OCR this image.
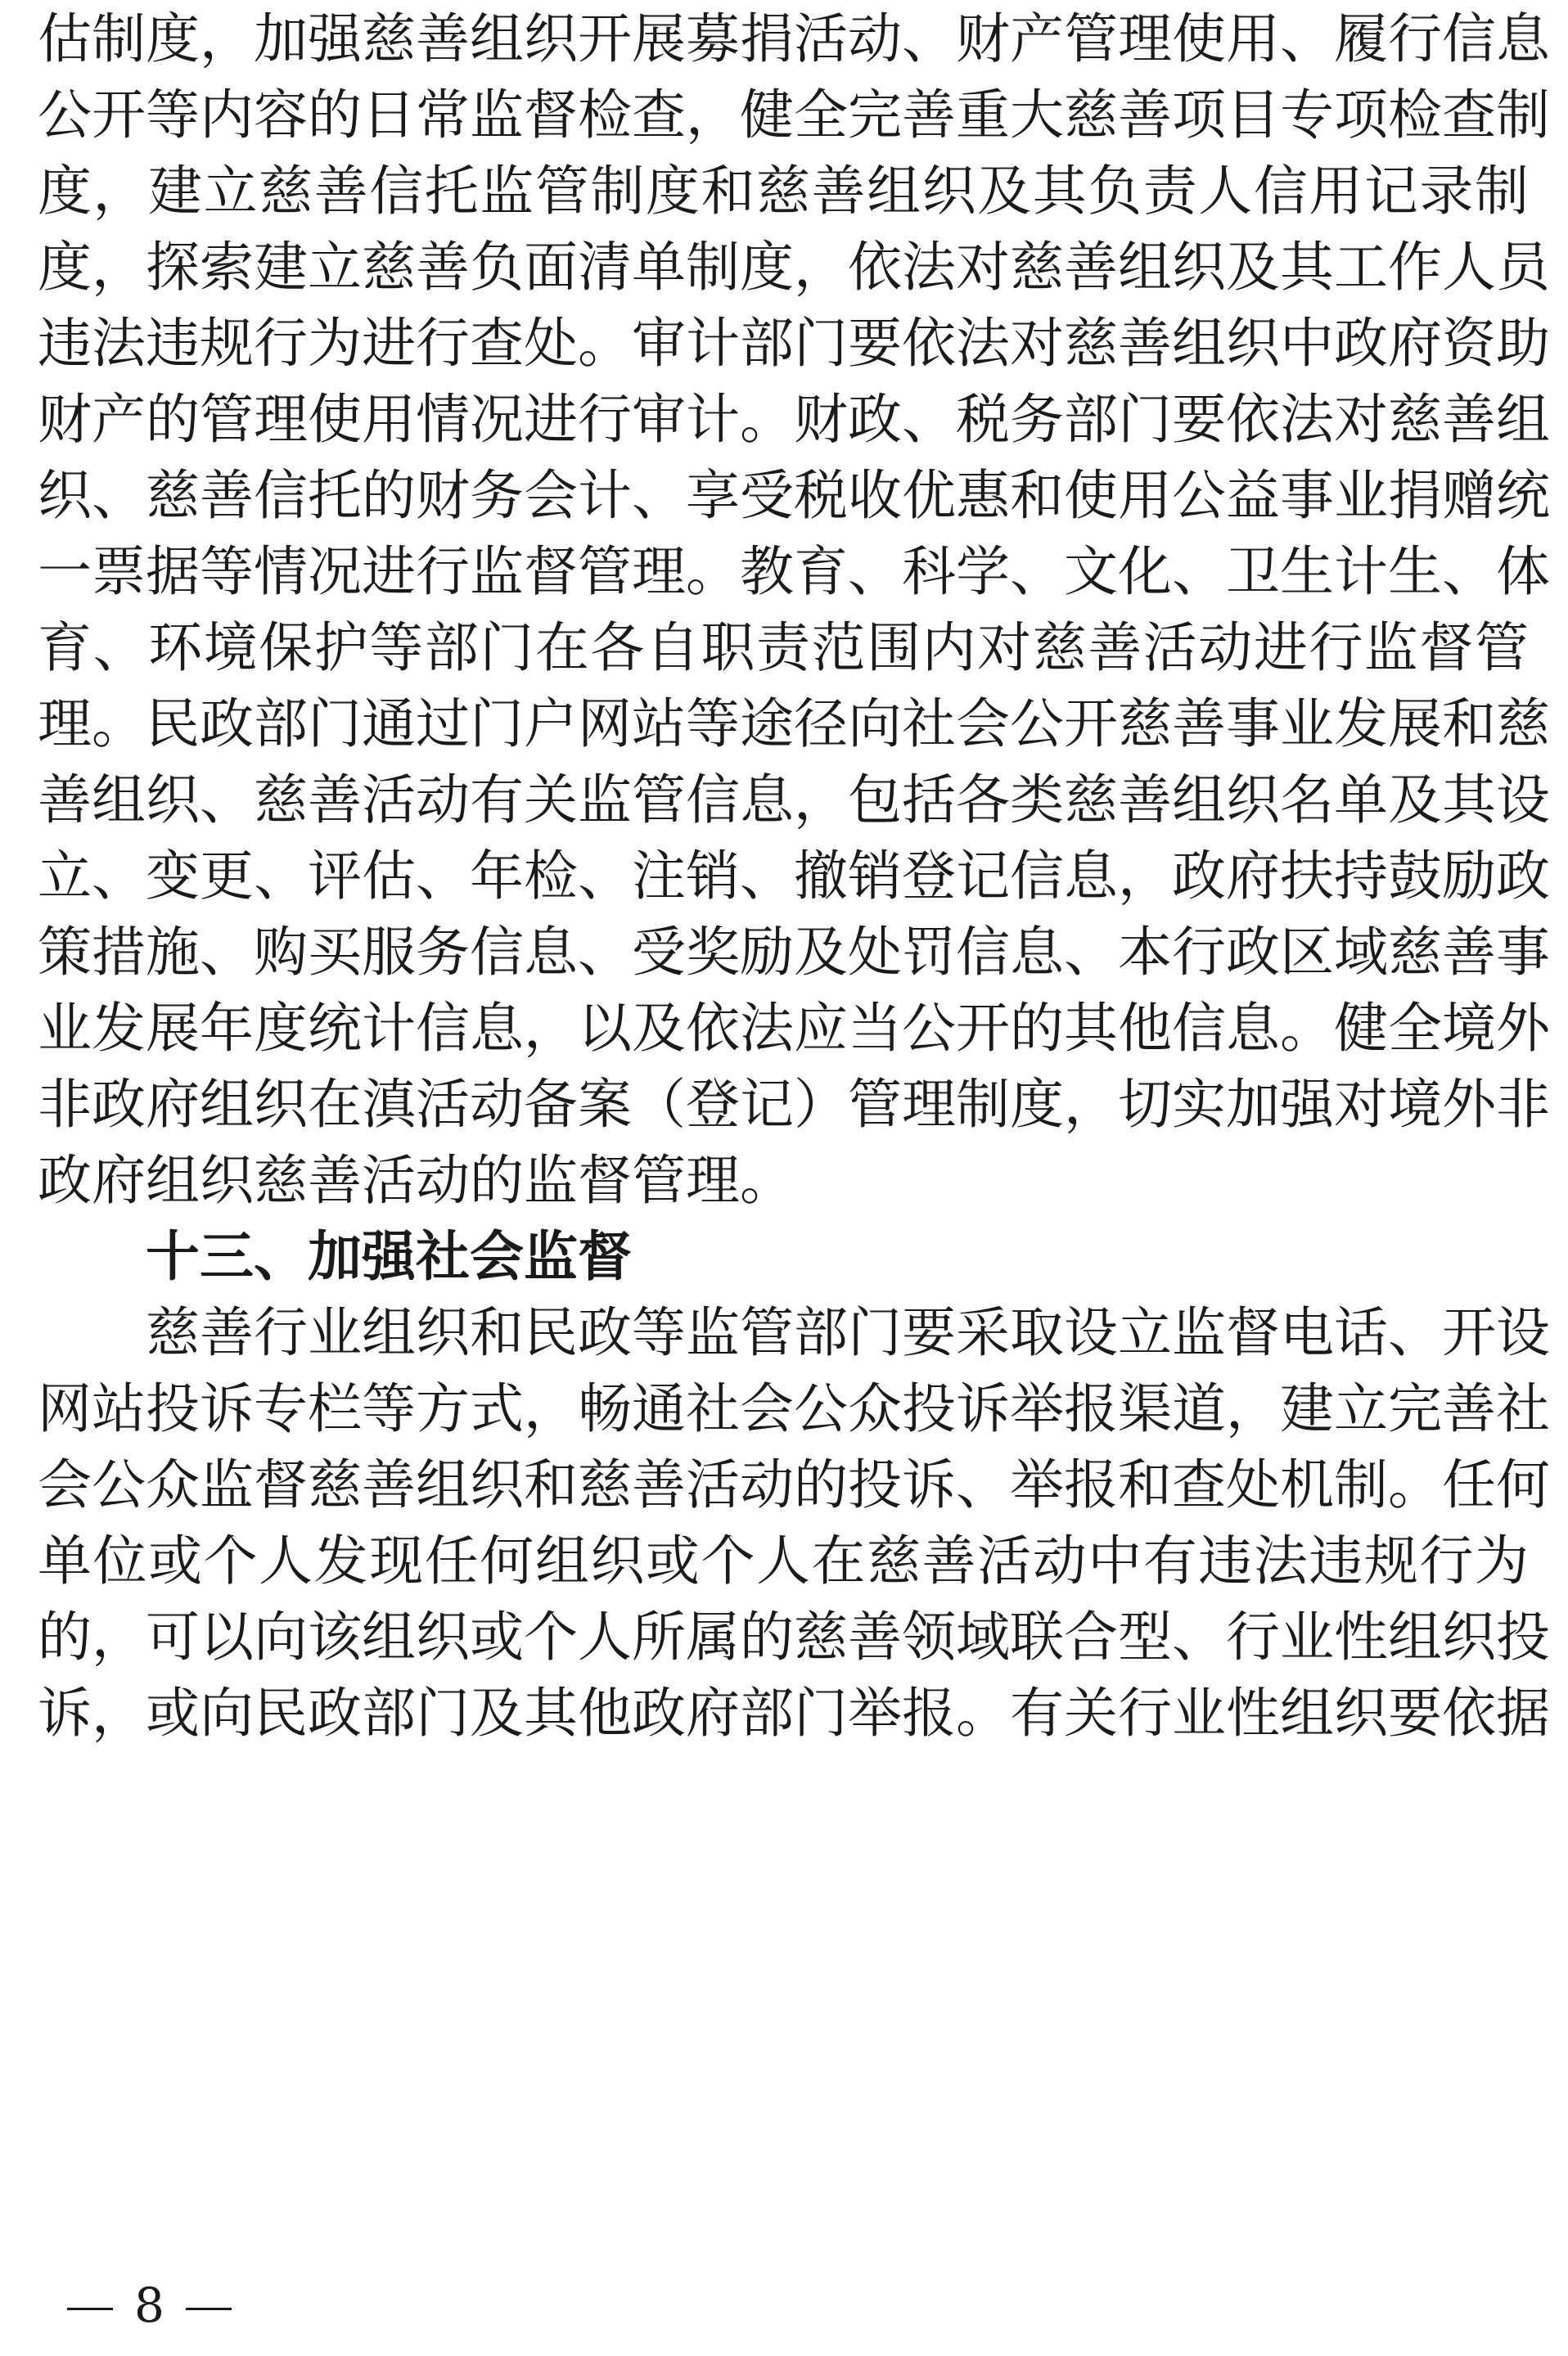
估制度，加强慈善组织开展募捐活动、财产管理使用、履行信息
公开等内容的日常监督检查，健全完善重大慈善项目专项检查制
度，建立慈善信托监管制度和慈善组织及其负责人信用记录制
度，探索建立慈善负面清单制度，依法对慈善组织及其工作人员
违法违规行为进行查处。审计部门要依法对慈善组织中政府资助
财产的管理使用情况进行审计。财政、税务部门要依法对慈善组
织、慈善信托的财务会计、享受税收优惠和使用公益事业捐赠统
一票据等情况进行监督管理。教育、科学、文化、卫生计生、体
育、环境保护等部门在各自职责范围内对慈善活动进行监督管
理。民政部门通过门户网站等途径向社会公开慈善事业发展和慈
善组织、慈善活动有关监管信息，包括各类慈善组织名单及其设
立、变更、评估、年检、注销、撤销登记信息，政府扶持鼓励政
策措施、购买服务信息、受奖励及处罚信息、本行政区域慈善事
业发展年度统计信息，以及依法应当公开的其他信息。健全境外
非政府组织在滇活动备案（登记）管理制度，切实加强对境外非
政府组织慈善活动的监督管理。
十三、加强社会监督
慈善行业组织和民政等监管部门要采取设立监督电话、开设
网站投诉专栏等方式，畅通社会公众投诉举报渠道，建立完善社
会公众监督慈善组织和慈善活动的投诉、举报和查处机制。任何
单位或个人发现任何组织或个人在慈善活动中有违法违规行为
的，可以向该组织或个人所属的慈善领域联合型、行业性组织投
诉，或向民政部门及其他政府部门举报。有关行业性组织要依据
8
